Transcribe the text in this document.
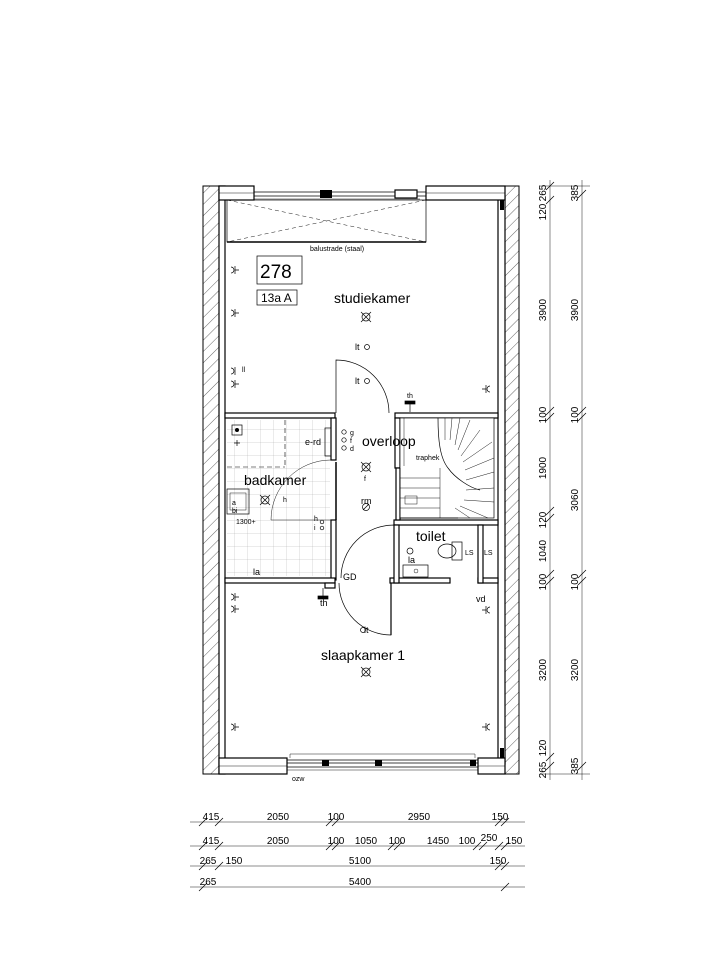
278
13a A	studiekamer
overloop
badkamer
toilet
slaapkamer 1
balustrade (staal)
traphek
e-rd
g
f
d
f
th
th
lt
lt
lt
ll
rm
h
a
bi
1300+	h
i
la
la
LS LS
GD
vd
ozw
265
120
3900
100
1900
120
1040
100
3200
120
265
385
3900
100
3060
100
3200
385
415	2050	100	2950	150
415	2050	100 1050 100 1450 100 250 150
265 150	5100	150
265	5400
